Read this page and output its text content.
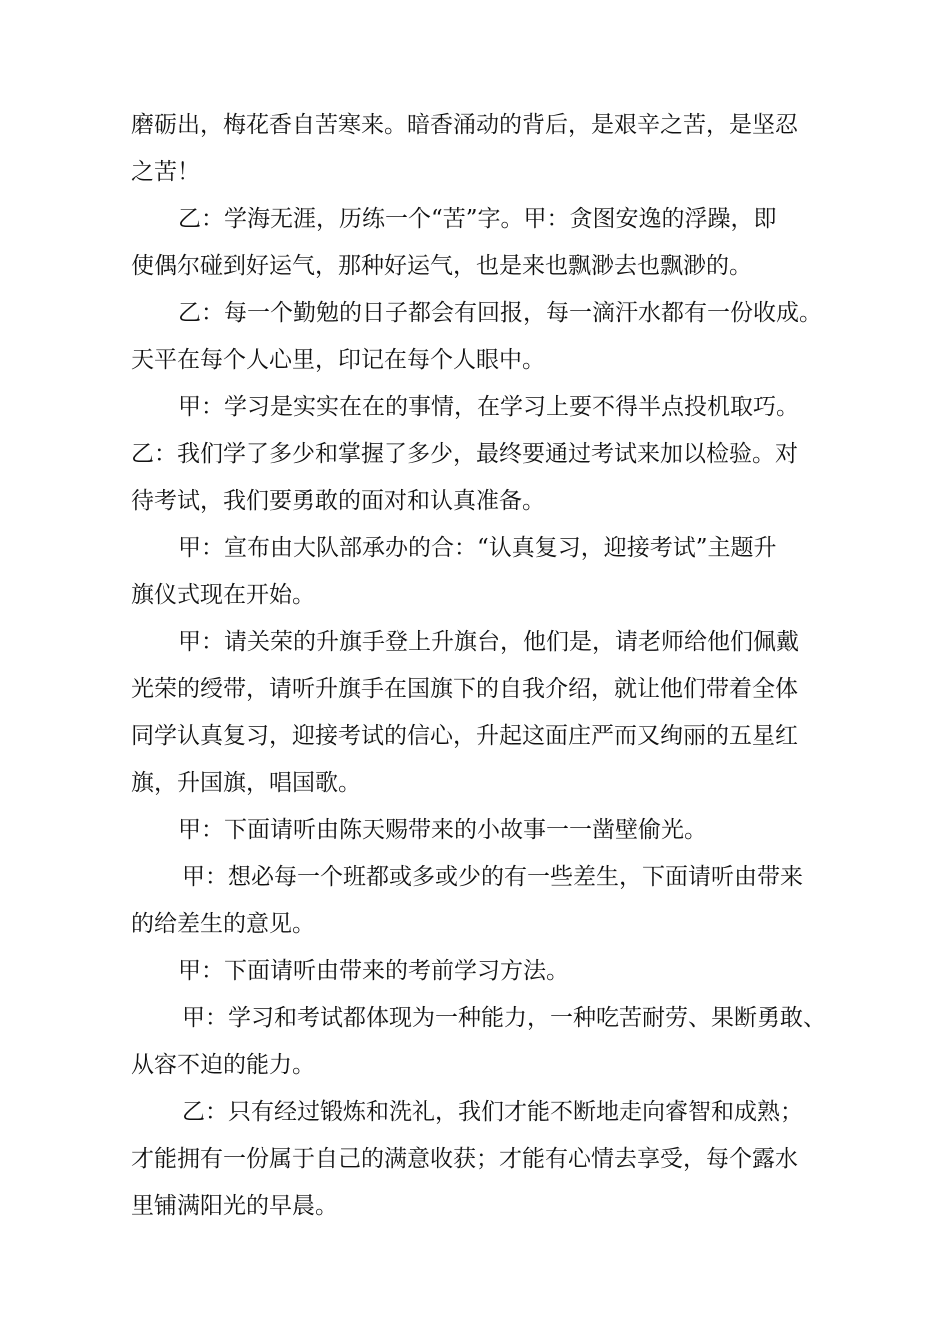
磨砺出，梅花香自苦寒来。暗香涌动的背后，是艰辛之苦，是坚忍
之苦！
乙：学海无涯，历练一个“苦”字。甲：贪图安逸的浮躁，即
使偶尔碰到好运气，那种好运气，也是来也飘渺去也飘渺的。
乙：每一个勤勉的日子都会有回报，每一滴汗水都有一份收成。
天平在每个人心里，印记在每个人眼中。
甲：学习是实实在在的事情，在学习上要不得半点投机取巧。
乙：我们学了多少和掌握了多少，最终要通过考试来加以检验。对
待考试，我们要勇敢的面对和认真准备。
甲：宣布由大队部承办的合：“认真复习，迎接考试”主题升
旗仪式现在开始。
甲：请关荣的升旗手登上升旗台，他们是，请老师给他们佩戴
光荣的绶带，请听升旗手在国旗下的自我介绍，就让他们带着全体
同学认真复习，迎接考试的信心，升起这面庄严而又绚丽的五星红
旗，升国旗，唱国歌。
甲：下面请听由陈天赐带来的小故事一一凿壁偷光。
甲：想必每一个班都或多或少的有一些差生，下面请听由带来
的给差生的意见。
甲：下面请听由带来的考前学习方法。
甲：学习和考试都体现为一种能力，一种吃苦耐劳、果断勇敢、
从容不迫的能力。
乙：只有经过锻炼和洗礼，我们才能不断地走向睿智和成熟；
才能拥有一份属于自己的满意收获；才能有心情去享受，每个露水
里铺满阳光的早晨。
